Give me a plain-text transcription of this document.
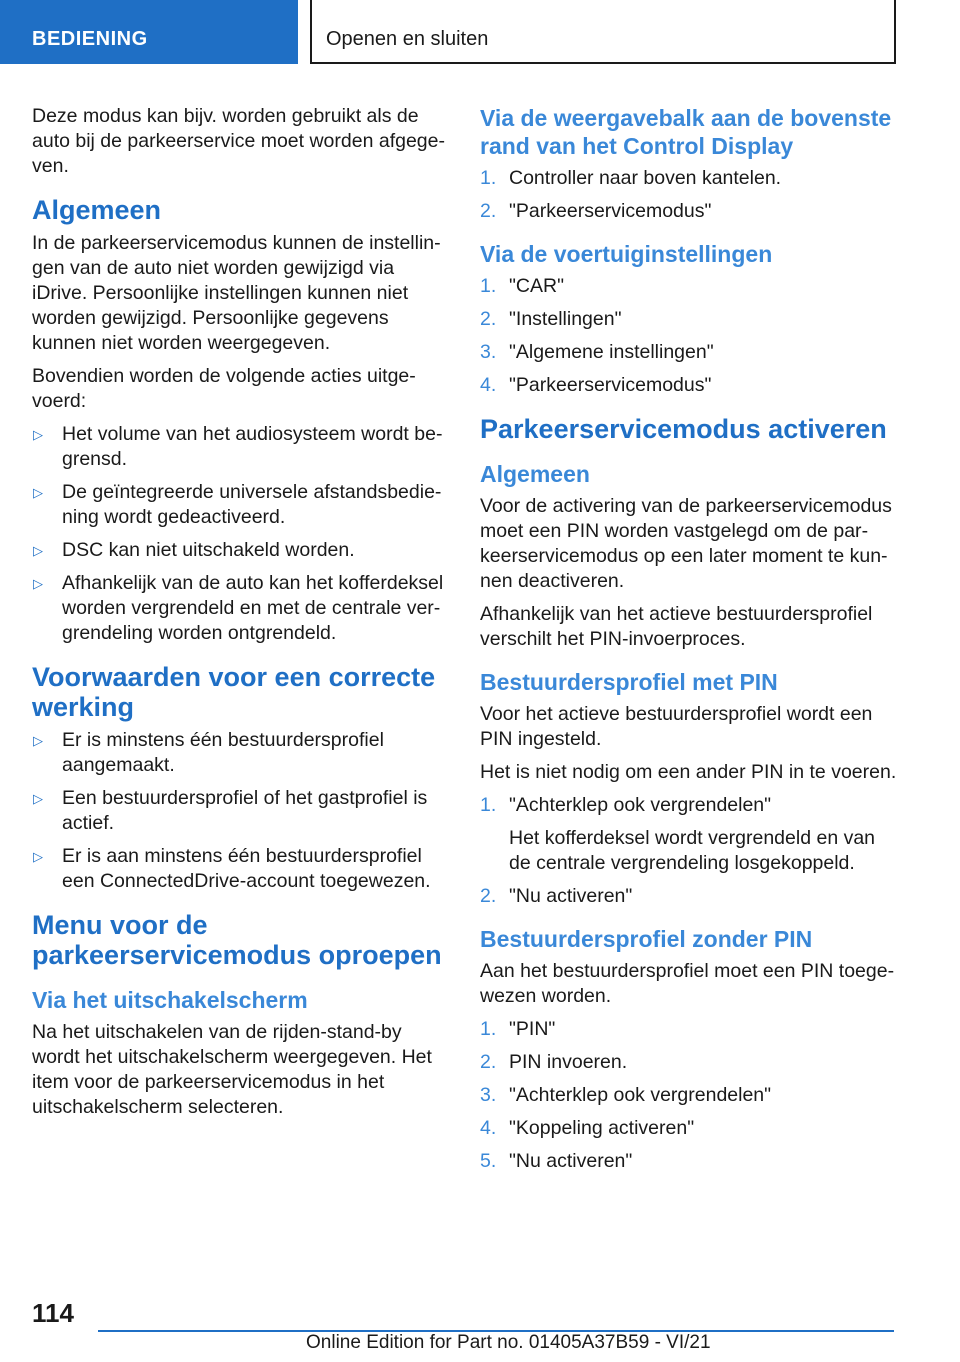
BEDIENING	Openen en sluiten

Deze modus kan bijv. worden gebruikt als de auto bij de parkeerservice moet worden afgegeven.

Algemeen

In de parkeerservicemodus kunnen de instellingen van de auto niet worden gewijzigd via iDrive. Persoonlijke instellingen kunnen niet worden gewijzigd. Persoonlijke gegevens kunnen niet worden weergegeven.

Bovendien worden de volgende acties uitgevoerd:

▷ Het volume van het audiosysteem wordt begrensd.
▷ De geïntegreerde universele afstandsbediening wordt gedeactiveerd.
▷ DSC kan niet uitschakeld worden.
▷ Afhankelijk van de auto kan het kofferdeksel worden vergrendeld en met de centrale vergrendeling worden ontgrendeld.
Voorwaarden voor een correcte werking
▷ Er is minstens één bestuurdersprofiel aangemaakt.
▷ Een bestuurdersprofiel of het gastprofiel is actief.
▷ Er is aan minstens één bestuurdersprofiel een ConnectedDrive-account toegewezen.
Menu voor de parkeerservicemodus oproepen
Via het uitschakelscherm

Na het uitschakelen van de rijden-stand-by wordt het uitschakelscherm weergegeven. Het item voor de parkeerservicemodus in het uitschakelscherm selecteren.

Via de weergavebalk aan de bovenste rand van het Control Display
1. Controller naar boven kantelen.
2. "Parkeerservicemodus"
Via de voertuiginstellingen
1. "CAR"
2. "Instellingen"
3. "Algemene instellingen"
4. "Parkeerservicemodus"
Parkeerservicemodus activeren
Algemeen

Voor de activering van de parkeerservicemodus moet een PIN worden vastgelegd om de parkeerservicemodus op een later moment te kunnen deactiveren.

Afhankelijk van het actieve bestuurdersprofiel verschilt het PIN-invoerproces.

Bestuurdersprofiel met PIN

Voor het actieve bestuurdersprofiel wordt een PIN ingesteld.

Het is niet nodig om een ander PIN in te voeren.

1. "Achterklep ook vergrendelen"
Het kofferdeksel wordt vergrendeld en van de centrale vergrendeling losgekoppeld.
2. "Nu activeren"
Bestuurdersprofiel zonder PIN

Aan het bestuurdersprofiel moet een PIN toegewezen worden.

1. "PIN"
2. PIN invoeren.
3. "Achterklep ook vergrendelen"
4. "Koppeling activeren"
5. "Nu activeren"
114
Online Edition for Part no. 01405A37B59 - VI/21
